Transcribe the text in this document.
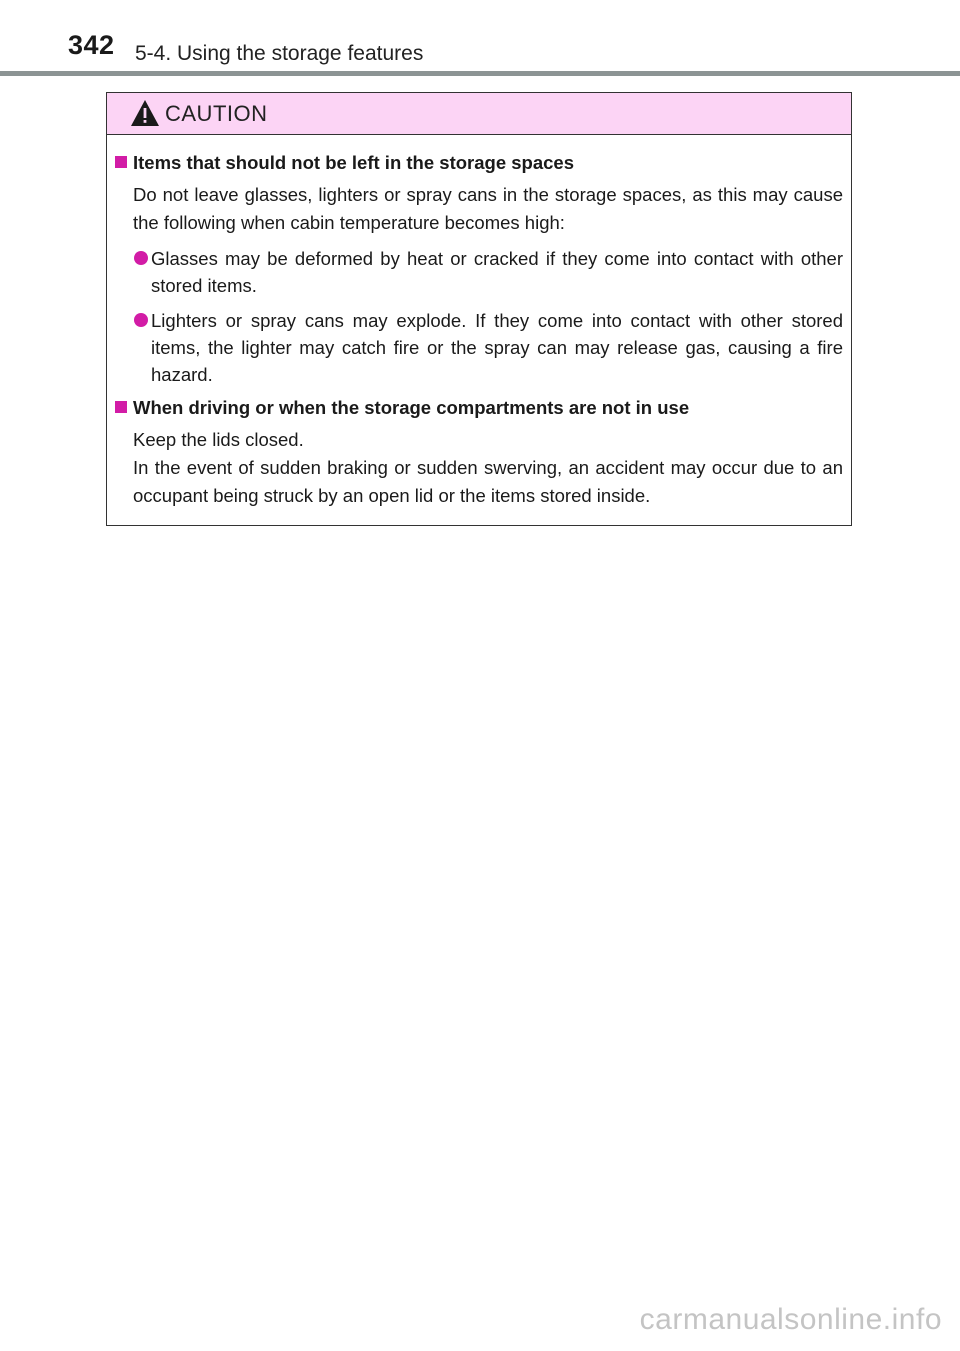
342 5-4. Using the storage features
CAUTION
Items that should not be left in the storage spaces
Do not leave glasses, lighters or spray cans in the storage spaces, as this may cause the following when cabin temperature becomes high:
Glasses may be deformed by heat or cracked if they come into contact with other stored items.
Lighters or spray cans may explode. If they come into contact with other stored items, the lighter may catch fire or the spray can may release gas, causing a fire hazard.
When driving or when the storage compartments are not in use
Keep the lids closed.
In the event of sudden braking or sudden swerving, an accident may occur due to an occupant being struck by an open lid or the items stored inside.
carmanualsonline.info
